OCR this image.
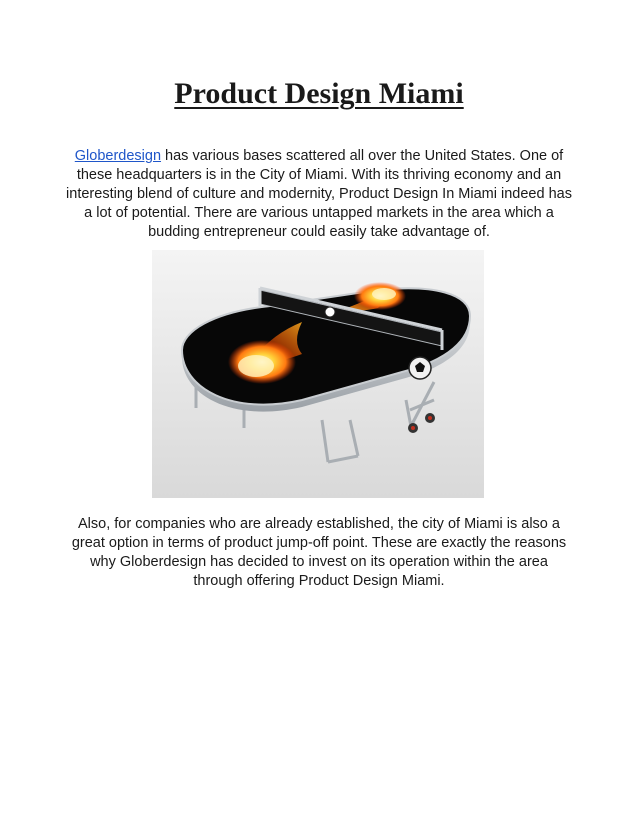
Product Design Miami

Globerdesign has various bases scattered all over the United States. One of these headquarters is in the City of Miami. With its thriving economy and an interesting blend of culture and modernity, Product Design In Miami indeed has a lot of potential. There are various untapped markets in the area which a budding entrepreneur could easily take advantage of.

Also, for companies who are already established, the city of Miami is also a great option in terms of product jump-off point. These are exactly the reasons why Globerdesign has decided to invest on its operation within the area through offering Product Design Miami.
